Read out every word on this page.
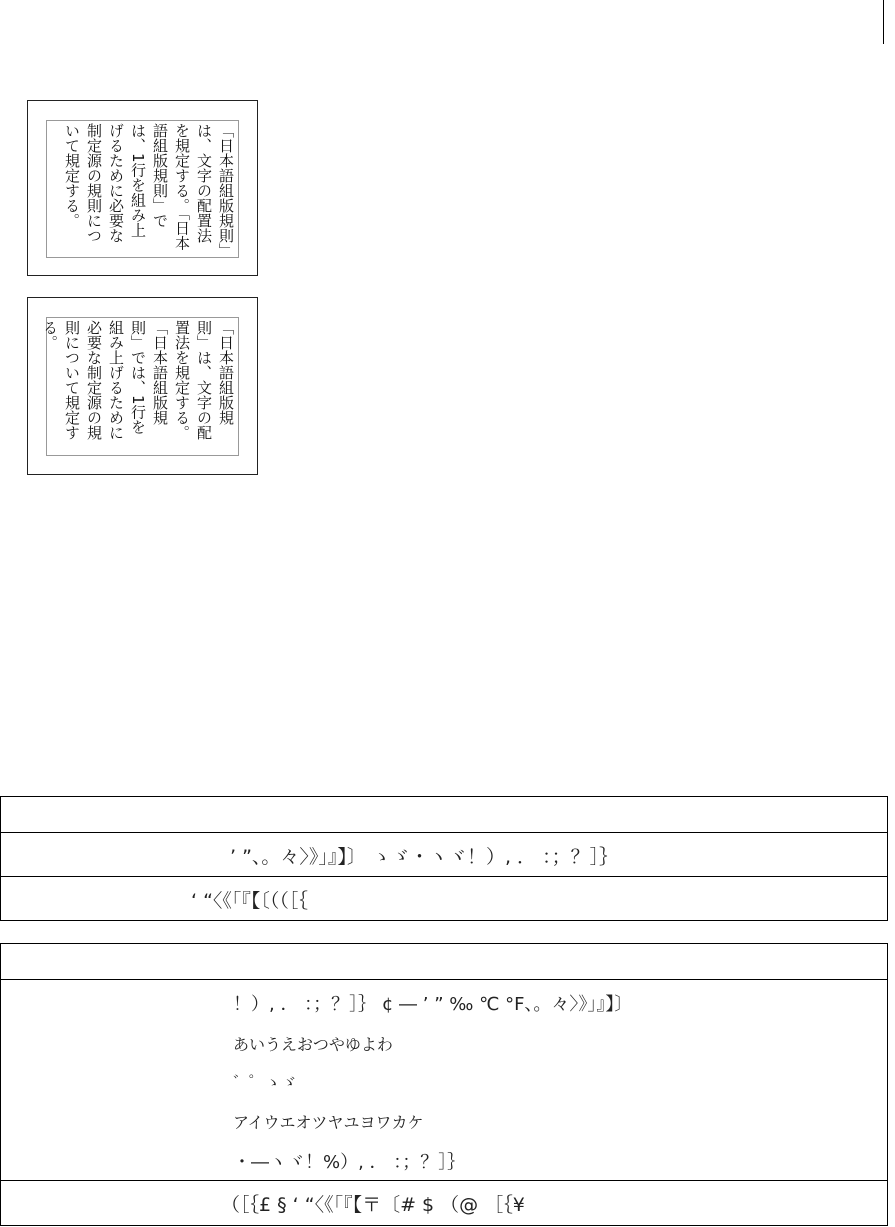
「日本語組版規則」
は、文字の配置法
を規定する。「日本
語組版規則」で
は、1行を組み上
げるために必要な
制定源の規則につ
いて規定する。
「日本語組版規
則」は、文字の配
置法を規定する。
「日本語組版規
則」では、1行を
組み上げるために
必要な制定源の規
則について規定す
る。
’ ”、。々〉》」』】〕 ゝゞ・ヽヾ！）, ． ：；？］｝
‘ “〈《「『【〔（（［｛
！）, ． ：；？］｝ ¢ ― ’ ” ‰ ℃ °F、。々〉》」』】〕
あいうえおつやゆよわ
゛゜ゝゞ
アイウエオツヤユヨワカケ
・―ヽヾ！%）, ． ：；？］｝
（［｛£ § ‘ “〈《「『【〒〔# $ （@ ［｛¥
